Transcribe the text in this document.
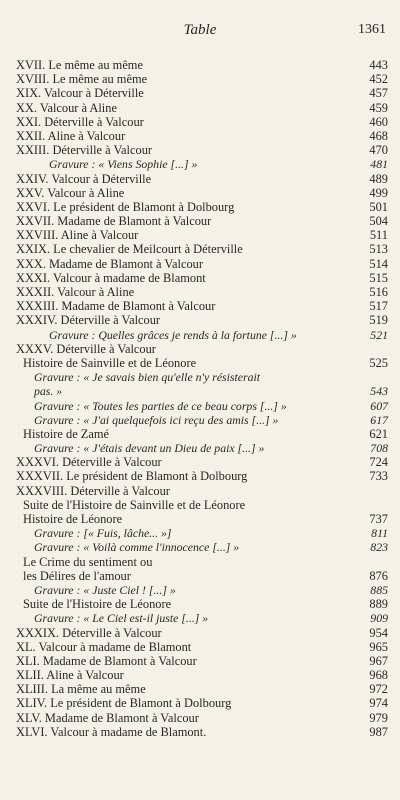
Table	1361
XVII. Le même au même	443
XVIII. Le même au même	452
XIX. Valcour à Déterville	457
XX. Valcour à Aline	459
XXI. Déterville à Valcour	460
XXII. Aline à Valcour	468
XXIII. Déterville à Valcour	470
Gravure : « Viens Sophie [...] »	481
XXIV. Valcour à Déterville	489
XXV. Valcour à Aline	499
XXVI. Le président de Blamont à Dolbourg	501
XXVII. Madame de Blamont à Valcour	504
XXVIII. Aline à Valcour	511
XXIX. Le chevalier de Meilcourt à Déterville	513
XXX. Madame de Blamont à Valcour	514
XXXI. Valcour à madame de Blamont	515
XXXII. Valcour à Aline	516
XXXIII. Madame de Blamont à Valcour	517
XXXIV. Déterville à Valcour	519
Gravure : Quelles grâces je rends à la fortune [...] »	521
XXXV. Déterville à Valcour
Histoire de Sainville et de Léonore	525
Gravure : « Je savais bien qu'elle n'y résisterait
pas. »	543
Gravure : « Toutes les parties de ce beau corps [...] »	607
Gravure : « J'ai quelquefois ici reçu des amis [...] »	617
Histoire de Zamé	621
Gravure : « J'étais devant un Dieu de paix [...] »	708
XXXVI. Déterville à Valcour	724
XXXVII. Le président de Blamont à Dolbourg	733
XXXVIII. Déterville à Valcour
Suite de l'Histoire de Sainville et de Léonore
Histoire de Léonore	737
Gravure : [« Fuis, lâche... »]	811
Gravure : « Voilà comme l'innocence [...] »	823
Le Crime du sentiment ou
les Délires de l'amour	876
Gravure : « Juste Ciel ! [...] »	885
Suite de l'Histoire de Léonore	889
Gravure : « Le Ciel est-il juste [...] »	909
XXXIX. Déterville à Valcour	954
XL. Valcour à madame de Blamont	965
XLI. Madame de Blamont à Valcour	967
XLII. Aline à Valcour	968
XLIII. La même au même	972
XLIV. Le président de Blamont à Dolbourg	974
XLV. Madame de Blamont à Valcour	979
XLVI. Valcour à madame de Blamont.	987
